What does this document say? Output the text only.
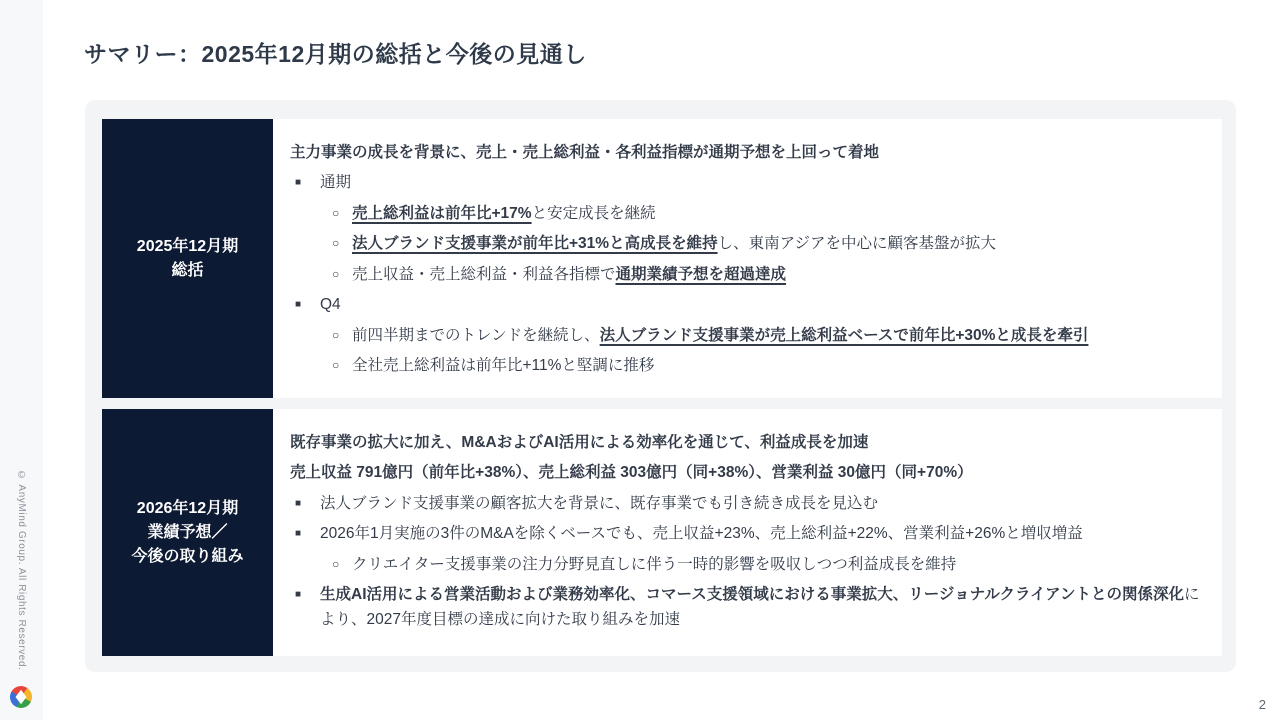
© AnyMind Group. All Rights Reserved.
サマリー：2025年12月期の総括と今後の見通し
2025年12月期
総括
主力事業の成長を背景に、売上・売上総利益・各利益指標が通期予想を上回って着地
■	通期
○ 売上総利益は前年比+17%と安定成長を継続
○ 法人ブランド支援事業が前年比+31%と高成長を維持し、東南アジアを中心に顧客基盤が拡大
○ 売上収益・売上総利益・利益各指標で通期業績予想を超過達成
■	Q4
○ 前四半期までのトレンドを継続し、法人ブランド支援事業が売上総利益ベースで前年比+30%と成長を牽引
○ 全社売上総利益は前年比+11%と堅調に推移
2026年12月期
業績予想／
今後の取り組み
既存事業の拡大に加え、M&AおよびAI活用による効率化を通じて、利益成長を加速
売上収益 791億円（前年比+38%）、売上総利益 303億円（同+38%）、営業利益 30億円（同+70%）
■	法人ブランド支援事業の顧客拡大を背景に、既存事業でも引き続き成長を見込む
■	2026年1月実施の3件のM&Aを除くベースでも、売上収益+23%、売上総利益+22%、営業利益+26%と増収増益
○ クリエイター支援事業の注力分野見直しに伴う一時的影響を吸収しつつ利益成長を維持
■	生成AI活用による営業活動および業務効率化、コマース支援領域における事業拡大、リージョナルクライアントとの関係深化により、2027年度目標の達成に向けた取り組みを加速
2
